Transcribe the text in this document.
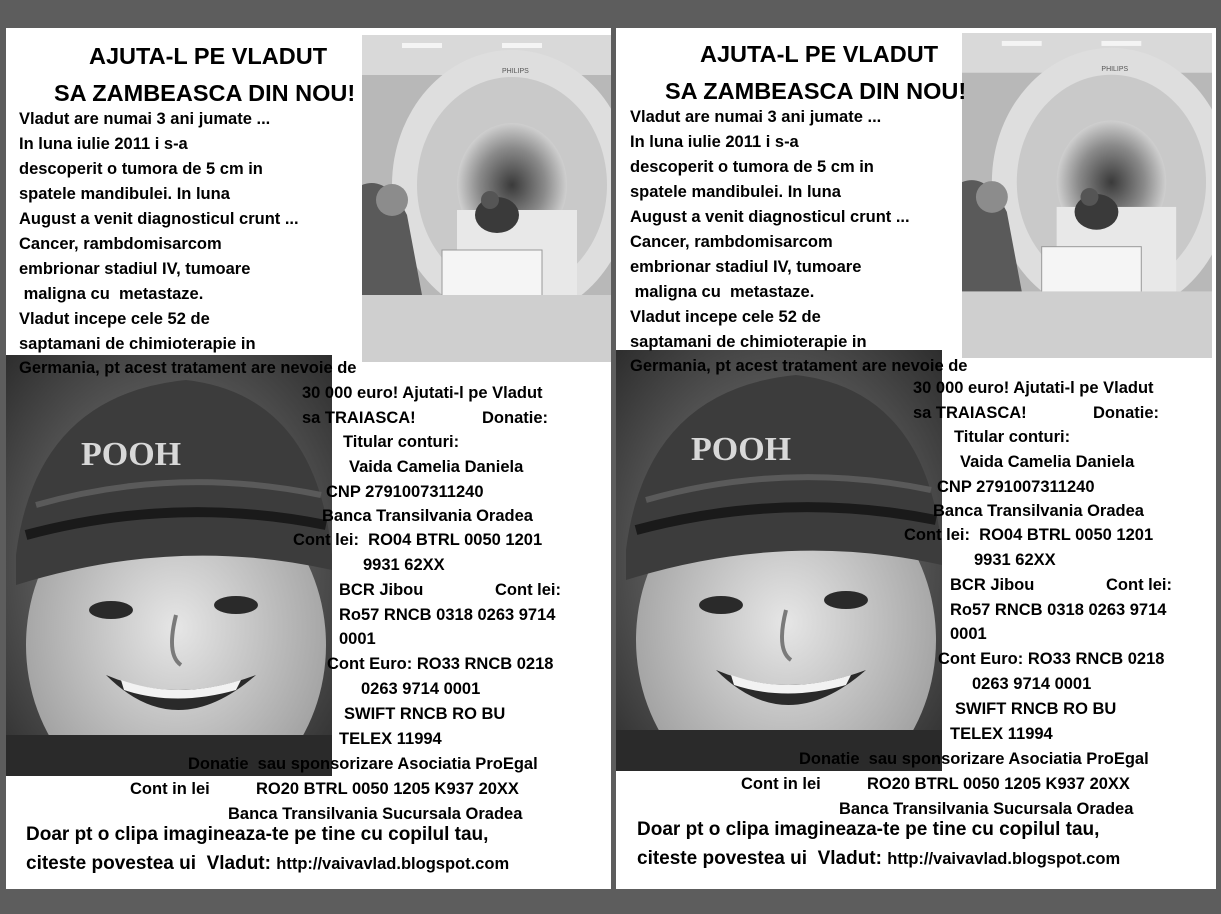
PHILIPS
POOH
AJUTA-L PE VLADUT
SA ZAMBEASCA DIN NOU!
Vladut are numai 3 ani jumate ...
In luna iulie 2011 i s-a
descoperit o tumora de 5 cm in
spatele mandibulei. In luna
August a venit diagnosticul crunt ...
Cancer, rambdomisarcom
embrionar stadiul IV, tumoare
maligna cu  metastaze.
Vladut incepe cele 52 de
saptamani de chimioterapie in
Germania, pt acest tratament are nevoie de
30 000 euro! Ajutati-l pe Vladut
sa TRAIASCA!	Donatie:
Titular conturi:
Vaida Camelia Daniela
CNP 2791007311240
Banca Transilvania Oradea
Cont lei:  RO04 BTRL 0050 1201
9931 62XX
BCR Jibou	Cont lei:
Ro57 RNCB 0318 0263 9714
0001
Cont Euro: RO33 RNCB 0218
0263 9714 0001
SWIFT RNCB RO BU
TELEX 11994
Donatie  sau sponsorizare Asociatia ProEgal
Cont in lei	RO20 BTRL 0050 1205 K937 20XX
Banca Transilvania Sucursala Oradea
Doar pt o clipa imagineaza-te pe tine cu copilul tau,
citeste povestea ui  Vladut: http://vaivavlad.blogspot.com
PHILIPS
POOH
AJUTA-L PE VLADUT
SA ZAMBEASCA DIN NOU!
Vladut are numai 3 ani jumate ...
In luna iulie 2011 i s-a
descoperit o tumora de 5 cm in
spatele mandibulei. In luna
August a venit diagnosticul crunt ...
Cancer, rambdomisarcom
embrionar stadiul IV, tumoare
maligna cu  metastaze.
Vladut incepe cele 52 de
saptamani de chimioterapie in
Germania, pt acest tratament are nevoie de
30 000 euro! Ajutati-l pe Vladut
sa TRAIASCA!	Donatie:
Titular conturi:
Vaida Camelia Daniela
CNP 2791007311240
Banca Transilvania Oradea
Cont lei:  RO04 BTRL 0050 1201
9931 62XX
BCR Jibou	Cont lei:
Ro57 RNCB 0318 0263 9714
0001
Cont Euro: RO33 RNCB 0218
0263 9714 0001
SWIFT RNCB RO BU
TELEX 11994
Donatie  sau sponsorizare Asociatia ProEgal
Cont in lei	RO20 BTRL 0050 1205 K937 20XX
Banca Transilvania Sucursala Oradea
Doar pt o clipa imagineaza-te pe tine cu copilul tau,
citeste povestea ui  Vladut: http://vaivavlad.blogspot.com
